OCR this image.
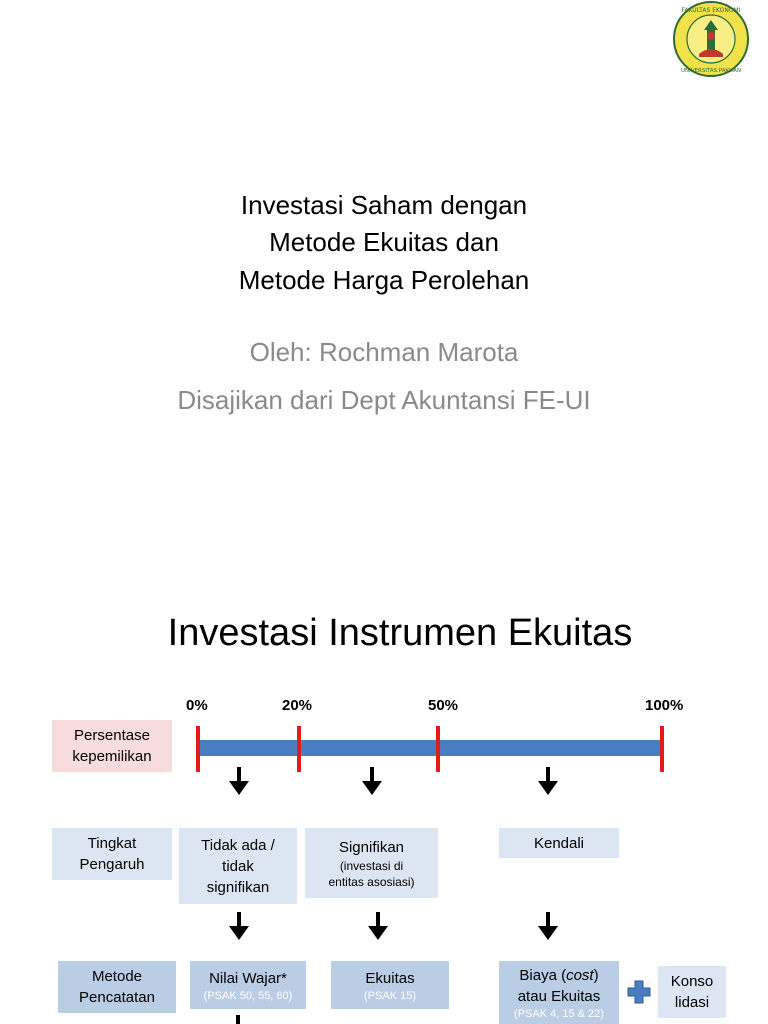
FAKULTAS EKONOMI
UNIVERSITAS PAKUAN
Investasi Saham dengan
Metode Ekuitas dan
Metode Harga Perolehan
Oleh: Rochman Marota
Disajikan dari Dept Akuntansi FE-UI
Investasi Instrumen Ekuitas
0%	20%	50%	100%
Persentase kepemilikan
Tingkat
Pengaruh
Tidak ada /
tidak
signifikan
Signifikan
(investasi di
entitas asosiasi)
Kendali
Metode
Pencatatan
Nilai Wajar*
(PSAK 50, 55, 60)
Ekuitas
(PSAK 15)
Biaya (cost)
atau Ekuitas
(PSAK 4, 15 & 22)
Konso
lidasi
